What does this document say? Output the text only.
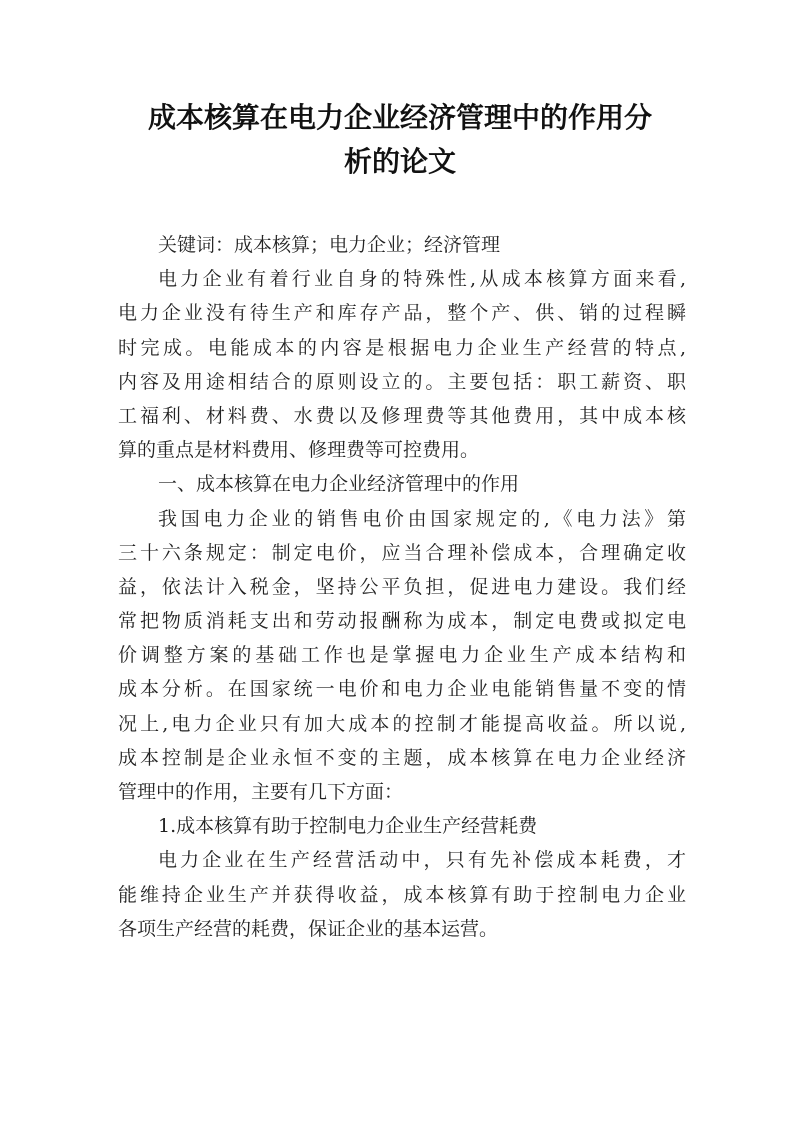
成本核算在电力企业经济管理中的作用分
析的论文
关键词：成本核算；电力企业；经济管理
电力企业有着行业自身的特殊性,从成本核算方面来看,
电力企业没有待生产和库存产品，整个产、供、销的过程瞬
时完成。电能成本的内容是根据电力企业生产经营的特点,
内容及用途相结合的原则设立的。主要包括：职工薪资、职
工福利、材料费、水费以及修理费等其他费用，其中成本核
算的重点是材料费用、修理费等可控费用。
一、成本核算在电力企业经济管理中的作用
我国电力企业的销售电价由国家规定的,《电力法》第
三十六条规定：制定电价，应当合理补偿成本，合理确定收
益，依法计入税金，坚持公平负担，促进电力建设。我们经
常把物质消耗支出和劳动报酬称为成本，制定电费或拟定电
价调整方案的基础工作也是掌握电力企业生产成本结构和
成本分析。在国家统一电价和电力企业电能销售量不变的情
况上,电力企业只有加大成本的控制才能提高收益。所以说,
成本控制是企业永恒不变的主题，成本核算在电力企业经济
管理中的作用，主要有几下方面：
1.成本核算有助于控制电力企业生产经营耗费
电力企业在生产经营活动中，只有先补偿成本耗费，才
能维持企业生产并获得收益，成本核算有助于控制电力企业
各项生产经营的耗费，保证企业的基本运营。
